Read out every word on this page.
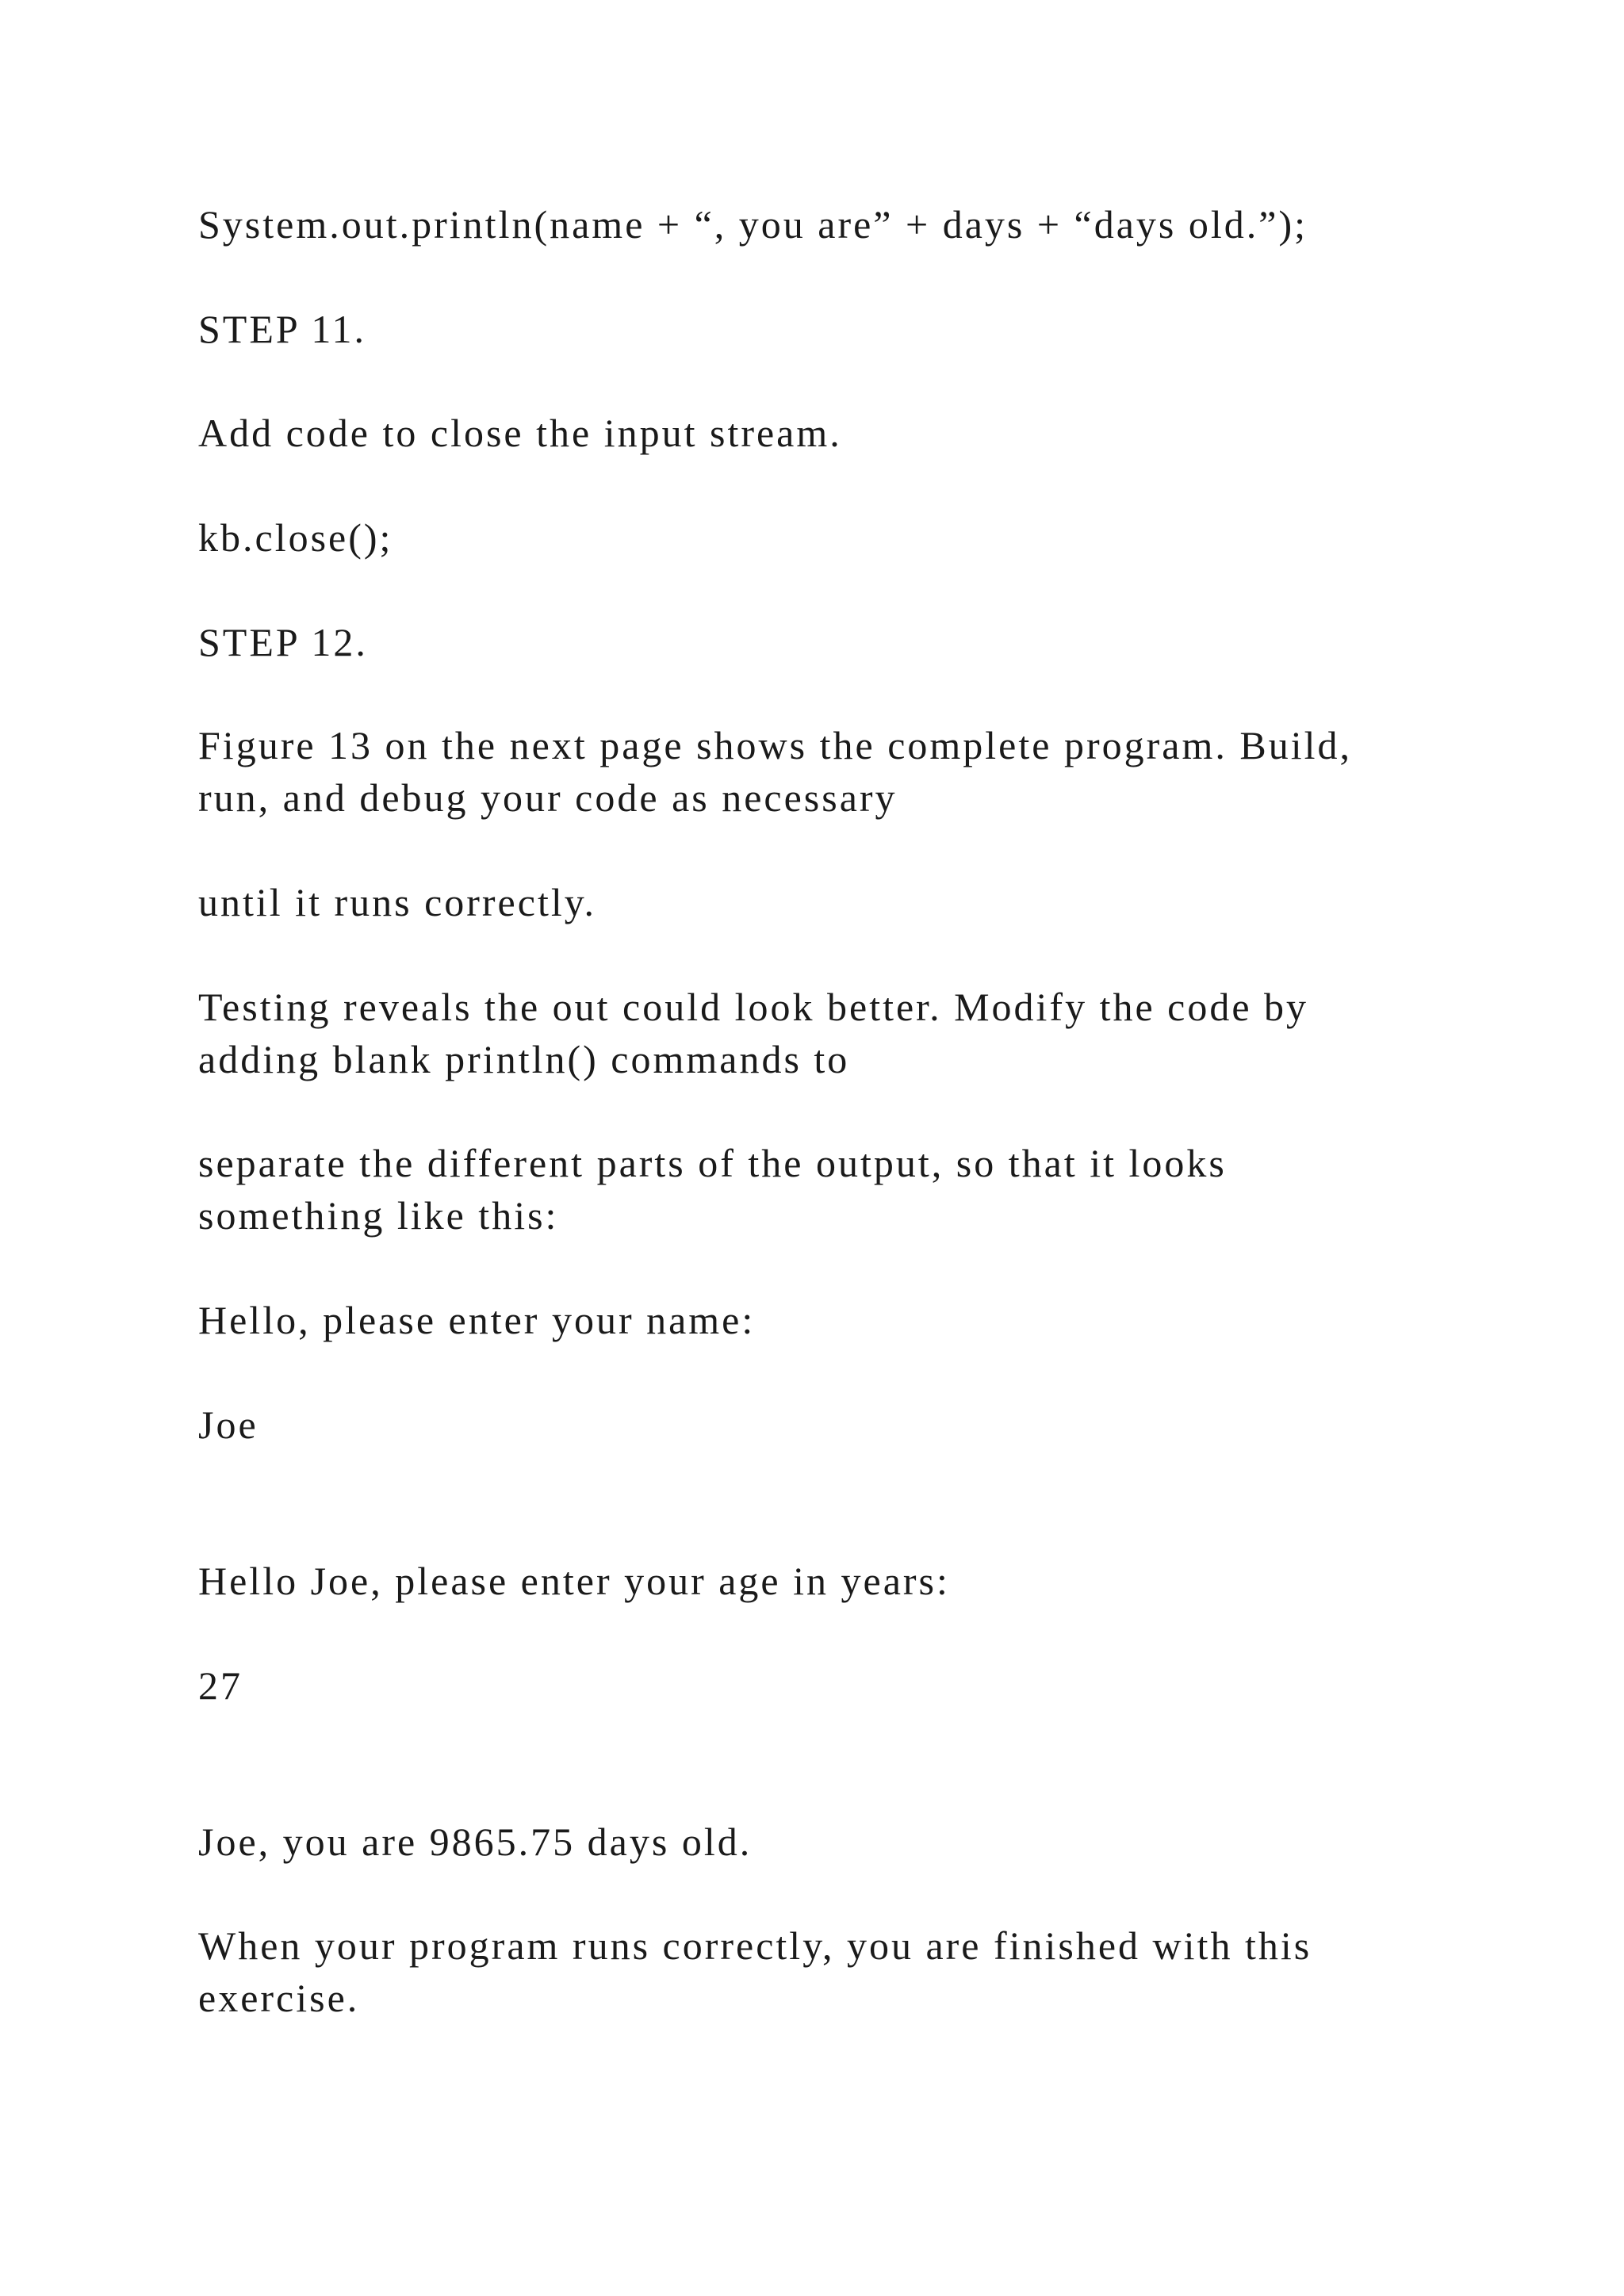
System.out.println(name + “, you are” + days + “days old.”);

STEP 11.

Add code to close the input stream.

kb.close();

STEP 12.

Figure 13 on the next page shows the complete program. Build,

run, and debug your code as necessary

until it runs correctly.

Testing reveals the out could look better. Modify the code by

adding blank println() commands to

separate the different parts of the output, so that it looks

something like this:

Hello, please enter your name:

Joe

Hello Joe, please enter your age in years:

27

Joe, you are 9865.75 days old.

When your program runs correctly, you are finished with this

exercise.
